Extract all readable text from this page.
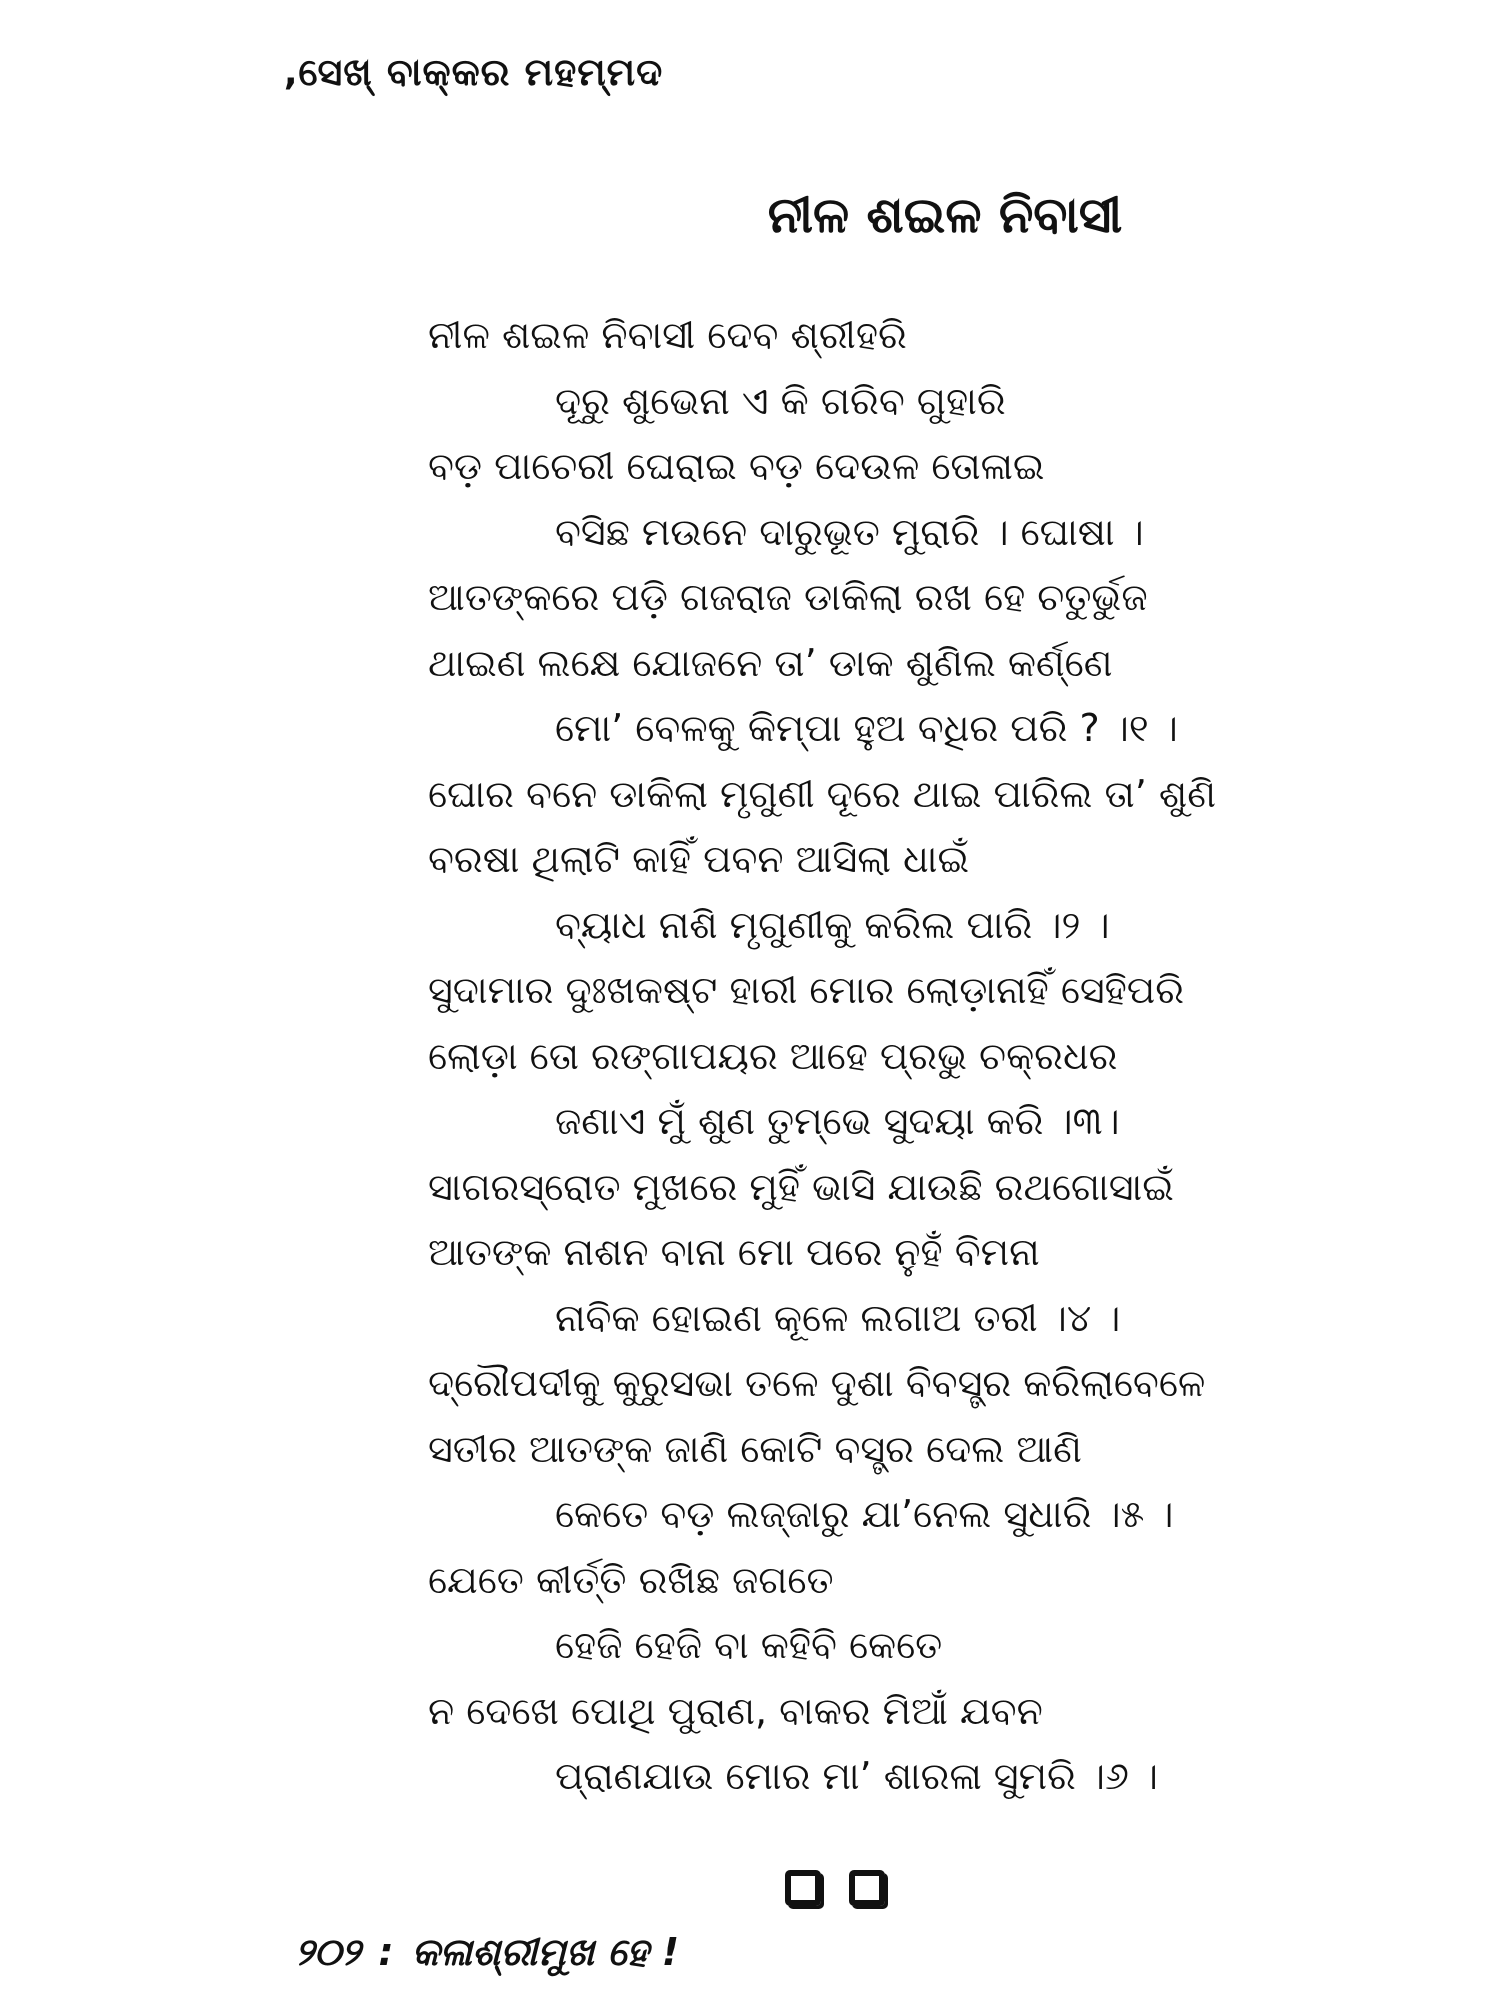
‚ସେଖ୍ ବାକ୍‌କର ମହମ୍ମଦ
ନୀଳ ଶଇଳ ନିବାସୀ
ନୀଳ ଶଇଳ ନିବାସୀ ଦେବ ଶ୍ରୀହରି
ଦୂରୁ ଶୁଭେନା ଏ କି ଗରିବ ଗୁହାରି
ବଡ଼ ପାଚେରୀ ଘେରାଇ ବଡ଼ ଦେଉଳ ତୋଳାଇ
ବସିଛ ମଉନେ ଦାରୁଭୂତ ମୁରାରି । ଘୋଷା ।
ଆତଙ୍କରେ ପଡ଼ି ଗଜରାଜ ଡାକିଲା ରଖ ହେ ଚତୁର୍ଭୁଜ
ଥାଇଣ ଲକ୍ଷେ ଯୋଜନେ ତା’ ଡାକ ଶୁଣିଲ କର୍ଣ୍ଣେ
ମୋ’ ବେଳକୁ କିମ୍ପା ହୁଅ ବଧିର ପରି ? ।୧ ।
ଘୋର ବନେ ଡାକିଲା ମୃଗୁଣୀ ଦୂରେ ଥାଇ ପାରିଲ ତା’ ଶୁଣି
ବରଷା ଥିଲାଟି କାହିଁ ପବନ ଆସିଲା ଧାଇଁ
ବ୍ୟାଧ ନାଶି ମୃଗୁଣୀକୁ କରିଲ ପାରି ।୨ ।
ସୁଦାମାର ଦୁଃଖକଷ୍ଟ ହାରୀ ମୋର ଲୋଡ଼ାନାହିଁ ସେହିପରି
ଲୋଡ଼ା ତୋ ରଙ୍ଗାପୟର ଆହେ ପ୍ରଭୁ ଚକ୍ରଧର
ଜଣାଏ ମୁଁ ଶୁଣ ତୁମ୍ଭେ ସୁଦୟା କରି ।୩।
ସାଗରସ୍ରୋତ ମୁଖରେ ମୁହିଁ ଭାସି ଯାଉଛି ରଥଗୋସାଇଁ
ଆତଙ୍କ ନାଶନ ବାନା ମୋ ପରେ ନୁହଁ ବିମନା
ନାବିକ ହୋଇଣ କୂଳେ ଲଗାଅ ତରୀ ।୪ ।
ଦ୍ରୌପଦୀକୁ କୁରୁସଭା ତଳେ ଦୁଶା ବିବସ୍ତ୍ର କରିଲାବେଳେ
ସତୀର ଆତଙ୍କ ଜାଣି କୋଟି ବସ୍ତ୍ର ଦେଲ ଆଣି
କେତେ ବଡ଼ ଲଜ୍ଜାରୁ ଯା’ନେଲ ସୁଧାରି ।୫ ।
ଯେତେ କୀର୍ତ୍ତି ରଖିଛ ଜଗତେ
ହେଜି ହେଜି ବା କହିବି କେତେ
ନ ଦେଖେ ପୋଥି ପୁରାଣ, ବାକର ମିଆଁ ଯବନ
ପ୍ରାଣଯାଉ ମୋର ମା’ ଶାରଳା ସୁମରି ।୬ ।
୨୦୨ : କଳାଶ୍ରୀମୁଖ ହେ !
